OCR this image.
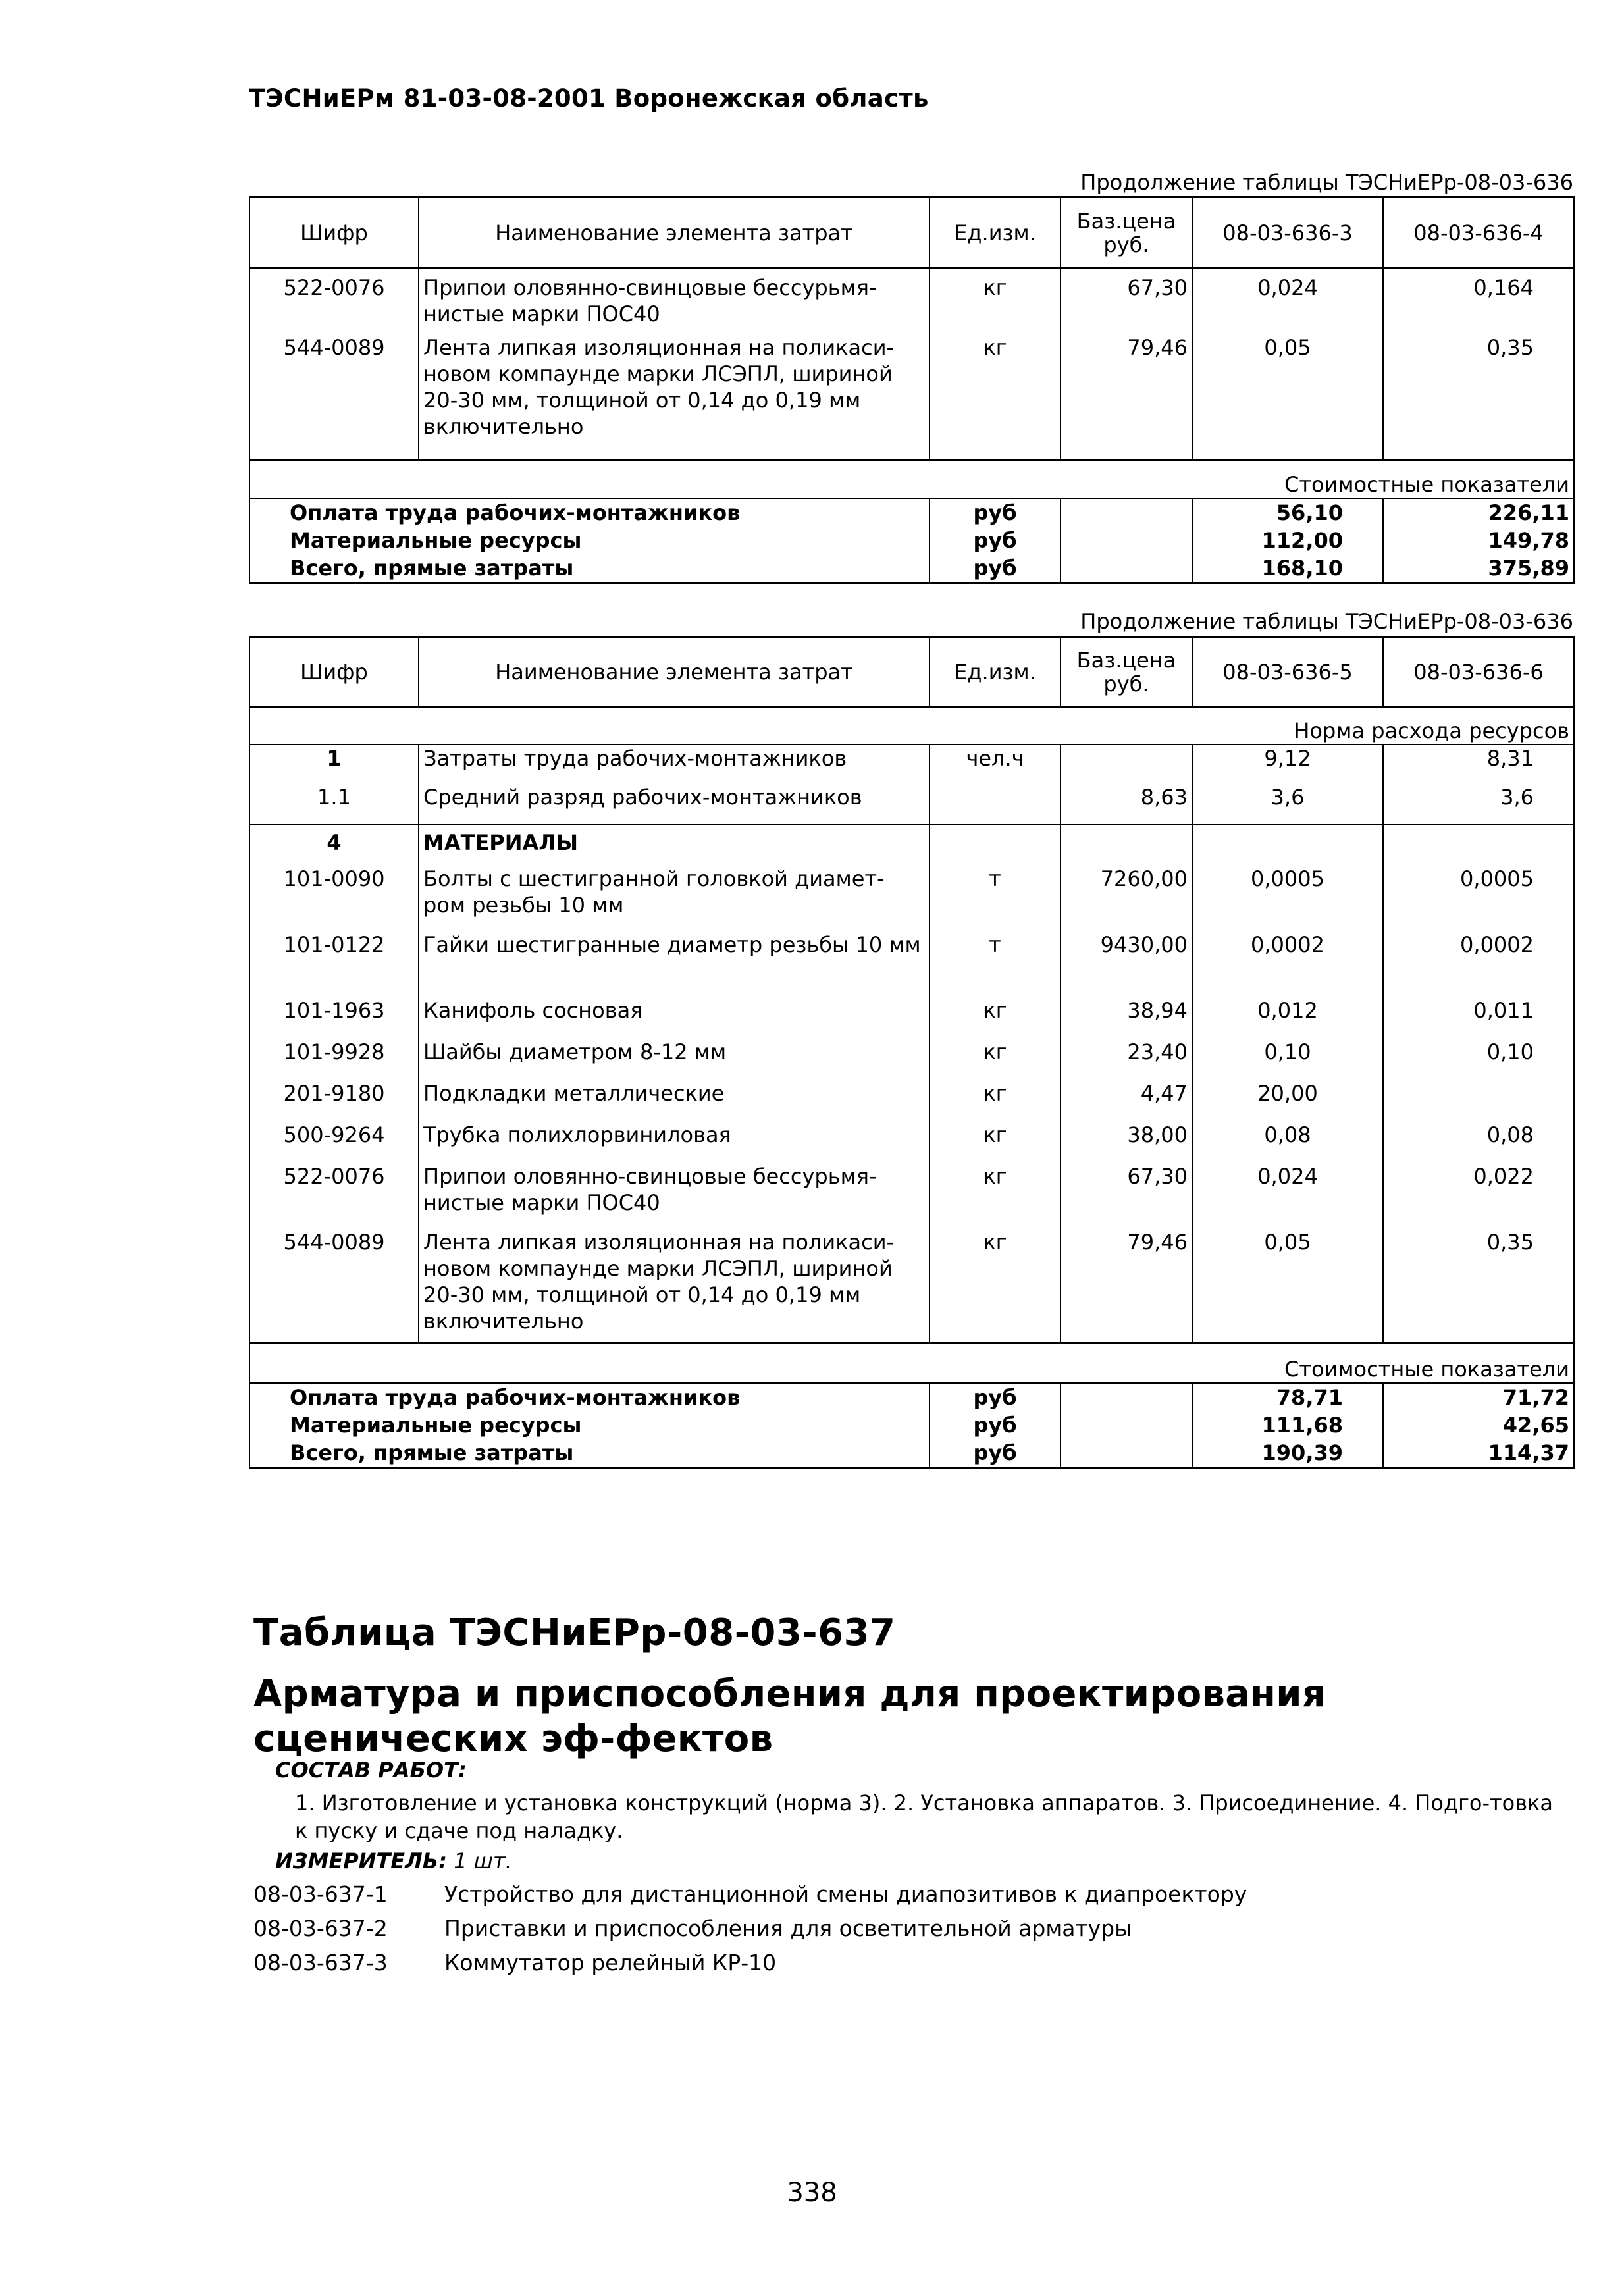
ТЭСНиЕРм 81-03-08-2001 Воронежская область
Продолжение таблицы ТЭСНиЕРр-08-03-636
Шифр	Наименование элемента затрат	Ед.изм.	Баз.цена руб.	08-03-636-3	08-03-636-4
522-0076	Припои оловянно-свинцовые бессурьмя-нистые марки ПОС40	кг	67,30	0,024	0,164
544-0089	Лента липкая изоляционная на поликаси-новом компаунде марки ЛСЭПЛ, шириной 20-30 мм, толщиной от 0,14 до 0,19 мм включительно	кг	79,46	0,05	0,35
Стоимостные показатели					
Оплата труда рабочих-монтажников		руб		56,10	226,11
Материальные ресурсы		руб		112,00	149,78
Всего, прямые затраты		руб		168,10	375,89
Продолжение таблицы ТЭСНиЕРр-08-03-636
Шифр	Наименование элемента затрат	Ед.изм.	Баз.цена руб.	08-03-636-5	08-03-636-6
Норма расхода ресурсов					
1	Затраты труда рабочих-монтажников	чел.ч		9,12	8,31
1.1	Средний разряд рабочих-монтажников		8,63	3,6	3,6
4	МАТЕРИАЛЫ				
101-0090	Болты с шестигранной головкой диамет-ром резьбы 10 мм	т	7260,00	0,0005	0,0005
101-0122	Гайки шестигранные диаметр резьбы 10 мм	т	9430,00	0,0002	0,0002
101-1963	Канифоль сосновая	кг	38,94	0,012	0,011
101-9928	Шайбы диаметром 8-12 мм	кг	23,40	0,10	0,10
201-9180	Подкладки металлические	кг	4,47	20,00	
500-9264	Трубка полихлорвиниловая	кг	38,00	0,08	0,08
522-0076	Припои оловянно-свинцовые бессурьмя-нистые марки ПОС40	кг	67,30	0,024	0,022
544-0089	Лента липкая изоляционная на поликаси-новом компаунде марки ЛСЭПЛ, шириной 20-30 мм, толщиной от 0,14 до 0,19 мм включительно	кг	79,46	0,05	0,35
Стоимостные показатели					
Оплата труда рабочих-монтажников		руб		78,71	71,72
Материальные ресурсы		руб		111,68	42,65
Всего, прямые затраты		руб		190,39	114,37
Таблица ТЭСНиЕРр-08-03-637
Арматура и приспособления для проектирования сценических эф-фектов
СОСТАВ РАБОТ:
1. Изготовление и установка конструкций (норма 3). 2. Установка аппаратов. 3. Присоединение. 4. Подго-товка к пуску и сдаче под наладку.
ИЗМЕРИТЕЛЬ: 1 шт.
08-03-637-1	Устройство для дистанционной смены диапозитивов к диапроектору
08-03-637-2	Приставки и приспособления для осветительной арматуры
08-03-637-3	Коммутатор релейный КР-10
338
